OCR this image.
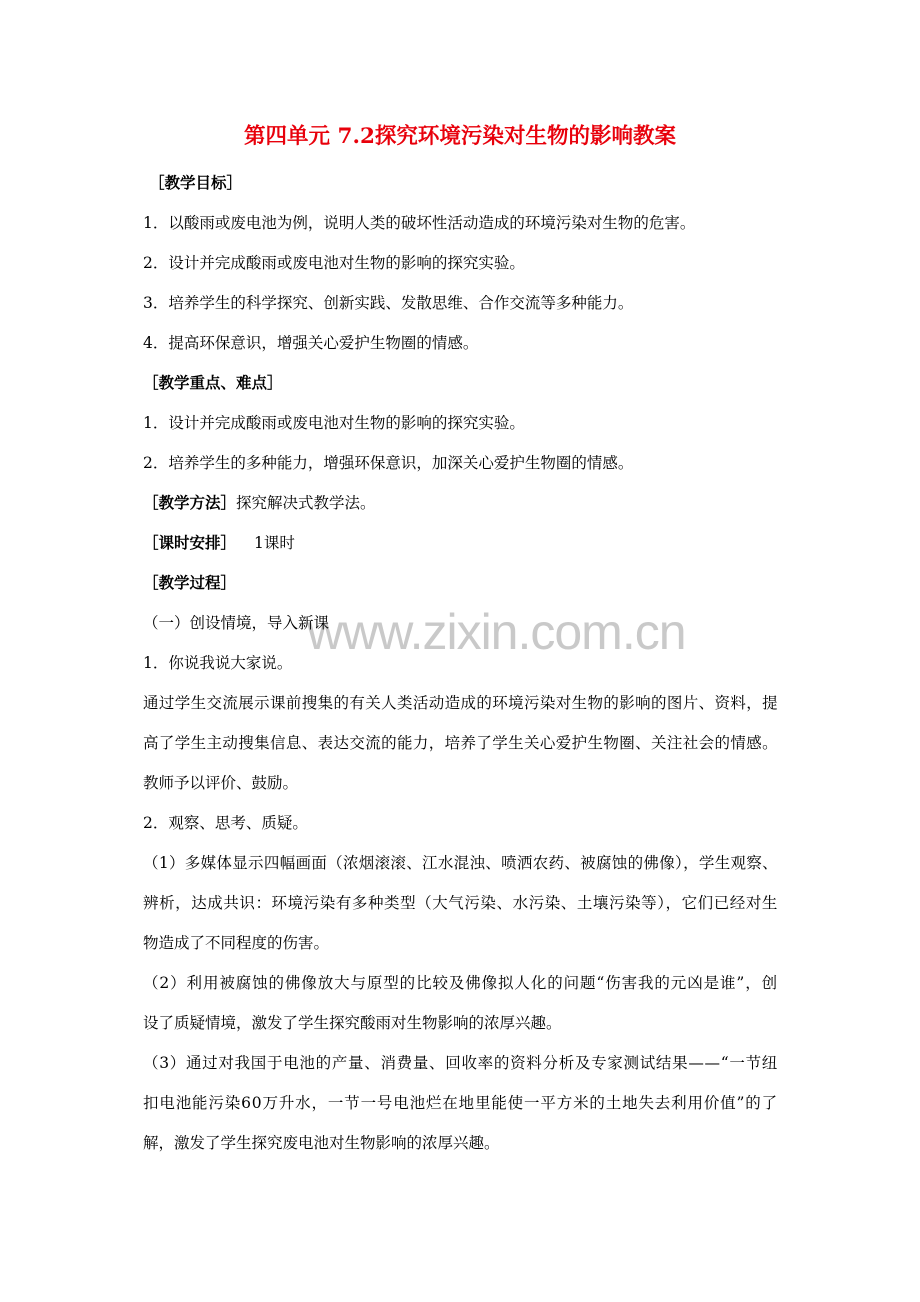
www.zixin.com.cn
第四单元 7.2探究环境污染对生物的影响教案
［教学目标］
1．以酸雨或废电池为例，说明人类的破坏性活动造成的环境污染对生物的危害。
2．设计并完成酸雨或废电池对生物的影响的探究实验。
3．培养学生的科学探究、创新实践、发散思维、合作交流等多种能力。
4．提高环保意识，增强关心爱护生物圈的情感。
［教学重点、难点］
1．设计并完成酸雨或废电池对生物的影响的探究实验。
2．培养学生的多种能力，增强环保意识，加深关心爱护生物圈的情感。
［教学方法］探究解决式教学法。
［课时安排］ 1课时
［教学过程］
（一）创设情境，导入新课
1．你说我说大家说。
通过学生交流展示课前搜集的有关人类活动造成的环境污染对生物的影响的图片、资料，提
高了学生主动搜集信息、表达交流的能力，培养了学生关心爱护生物圈、关注社会的情感。
教师予以评价、鼓励。
2．观察、思考、质疑。
（1）多媒体显示四幅画面（浓烟滚滚、江水混浊、喷洒农药、被腐蚀的佛像），学生观察、
辨析，达成共识：环境污染有多种类型（大气污染、水污染、土壤污染等），它们已经对生
物造成了不同程度的伤害。
（2）利用被腐蚀的佛像放大与原型的比较及佛像拟人化的问题“伤害我的元凶是谁”，创
设了质疑情境，激发了学生探究酸雨对生物影响的浓厚兴趣。
（3）通过对我国于电池的产量、消费量、回收率的资料分析及专家测试结果——“一节纽
扣电池能污染60万升水，一节一号电池烂在地里能使一平方米的土地失去利用价值”的了
解，激发了学生探究废电池对生物影响的浓厚兴趣。
